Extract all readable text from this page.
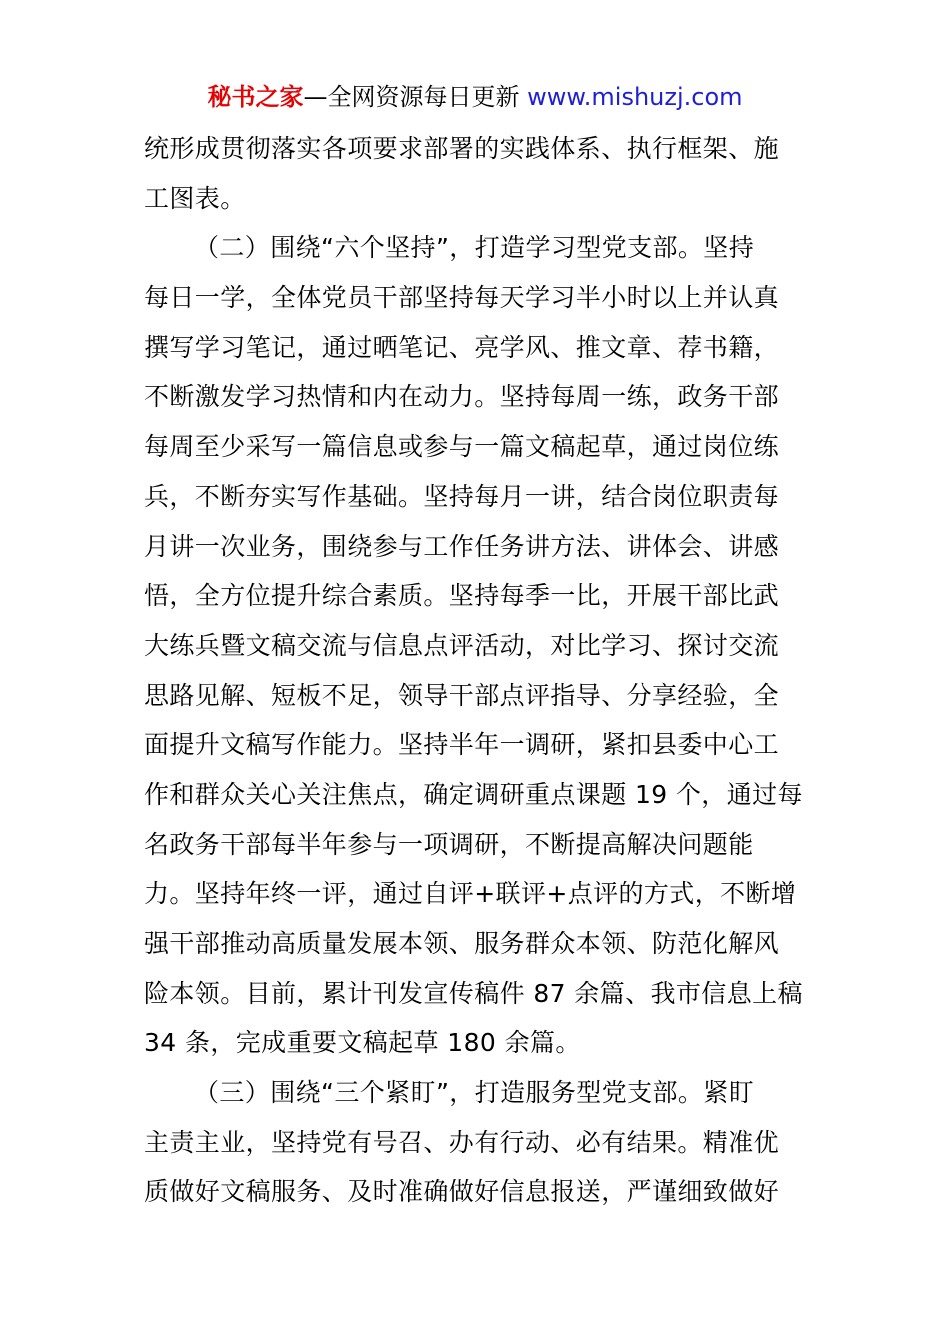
秘书之家—全网资源每日更新 www.mishuzj.com
统形成贯彻落实各项要求部署的实践体系、执行框架、施
工图表。
（二）围绕“六个坚持”，打造学习型党支部。坚持
每日一学，全体党员干部坚持每天学习半小时以上并认真
撰写学习笔记，通过晒笔记、亮学风、推文章、荐书籍，
不断激发学习热情和内在动力。坚持每周一练，政务干部
每周至少采写一篇信息或参与一篇文稿起草，通过岗位练
兵，不断夯实写作基础。坚持每月一讲，结合岗位职责每
月讲一次业务，围绕参与工作任务讲方法、讲体会、讲感
悟，全方位提升综合素质。坚持每季一比，开展干部比武
大练兵暨文稿交流与信息点评活动，对比学习、探讨交流
思路见解、短板不足，领导干部点评指导、分享经验，全
面提升文稿写作能力。坚持半年一调研，紧扣县委中心工
作和群众关心关注焦点，确定调研重点课题 19 个，通过每
名政务干部每半年参与一项调研，不断提高解决问题能
力。坚持年终一评，通过自评+联评+点评的方式，不断增
强干部推动高质量发展本领、服务群众本领、防范化解风
险本领。目前，累计刊发宣传稿件 87 余篇、我市信息上稿
34 条，完成重要文稿起草 180 余篇。
（三）围绕“三个紧盯”，打造服务型党支部。紧盯
主责主业，坚持党有号召、办有行动、必有结果。精准优
质做好文稿服务、及时准确做好信息报送，严谨细致做好
